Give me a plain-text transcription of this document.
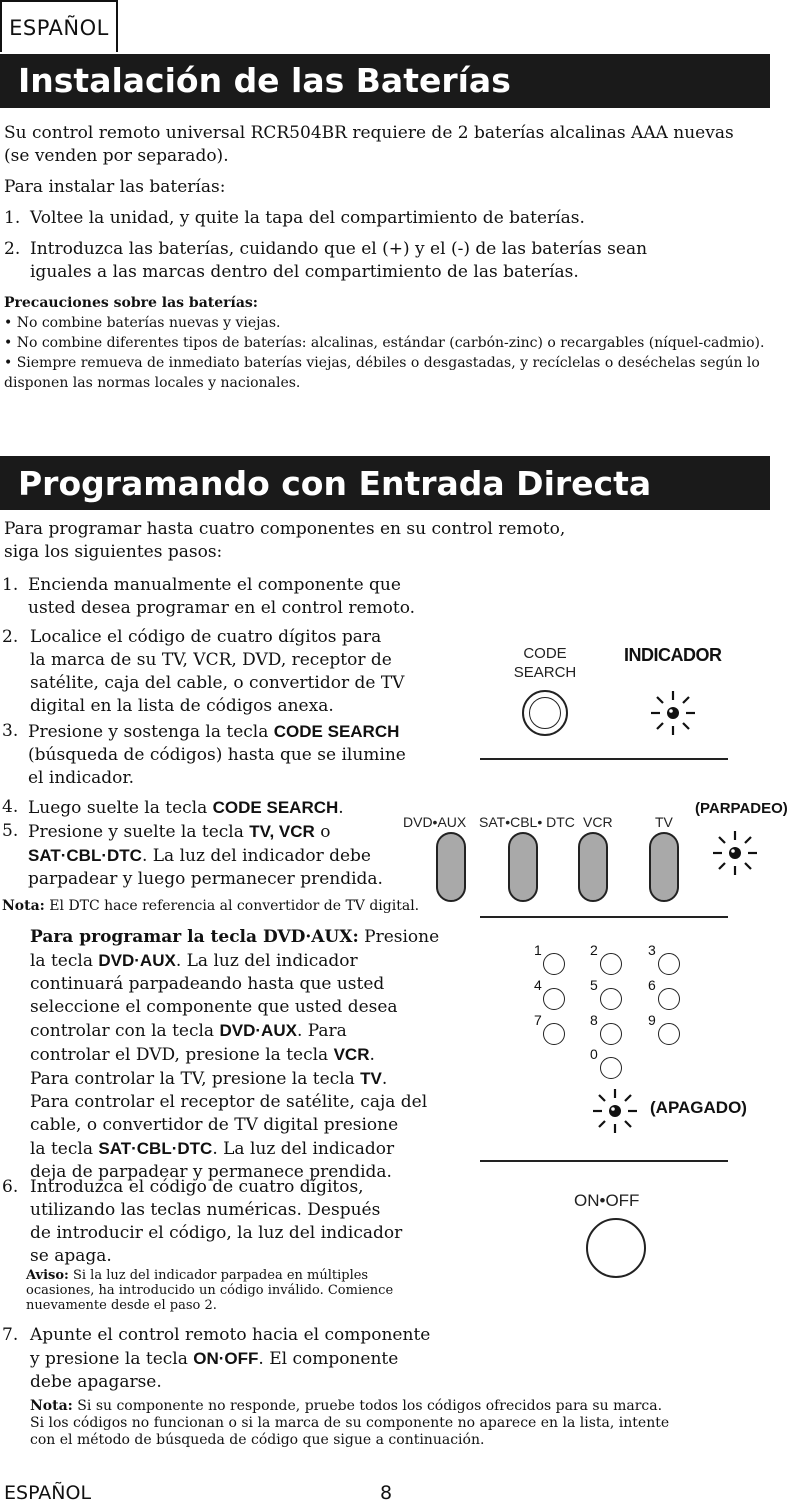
ESPAÑOL
Instalación de las Baterías

Su control remoto universal RCR504BR requiere de 2 baterías alcalinas AAA nuevas
(se venden por separado).

Para instalar las baterías:

1. Voltee la unidad, y quite la tapa del compartimiento de baterías.
2. Introduzca las baterías, cuidando que el (+) y el (-) de las baterías sean
iguales a las marcas dentro del compartimiento de las baterías.

Precauciones sobre las baterías:

• No combine baterías nuevas y viejas.

• No combine diferentes tipos de baterías: alcalinas, estándar (carbón-zinc) o recargables (níquel-cadmio).

• Siempre remueva de inmediato baterías viejas, débiles o desgastadas, y recíclelas o deséchelas según lo

disponen las normas locales y nacionales.

Programando con Entrada Directa
Para programar hasta cuatro componentes en su control remoto,
siga los siguientes pasos:
1. Encienda manualmente el componente que
usted desea programar en el control remoto.
2. Localice el código de cuatro dígitos para
la marca de su TV, VCR, DVD, receptor de
satélite, caja del cable, o convertidor de TV
digital en la lista de códigos anexa.
3. Presione y sostenga la tecla CODE SEARCH
(búsqueda de códigos) hasta que se ilumine
el indicador.
4. Luego suelte la tecla CODE SEARCH.
5. Presione y suelte la tecla TV, VCR o
SAT·CBL·DTC. La luz del indicador debe
parpadear y luego permanecer prendida.
Nota: El DTC hace referencia al convertidor de TV digital.
Para programar la tecla DVD·AUX: Presione
la tecla DVD·AUX. La luz del indicador
continuará parpadeando hasta que usted
seleccione el componente que usted desea
controlar con la tecla DVD·AUX. Para
controlar el DVD, presione la tecla VCR.
Para controlar la TV, presione la tecla TV.
Para controlar el receptor de satélite, caja del
cable, o convertidor de TV digital presione
la tecla SAT·CBL·DTC. La luz del indicador
deja de parpadear y permanece prendida.
6. Introduzca el código de cuatro dígitos,
utilizando las teclas numéricas. Después
de introducir el código, la luz del indicador
se apaga.
Aviso: Si la luz del indicador parpadea en múltiples
ocasiones, ha introducido un código inválido. Comience
nuevamente desde el paso 2.
7. Apunte el control remoto hacia el componente
y presione la tecla ON·OFF. El componente
debe apagarse.
Nota: Si su componente no responde, pruebe todos los códigos ofrecidos para su marca.
Si los códigos no funcionan o si la marca de su componente no aparece en la lista, intente
con el método de búsqueda de código que sigue a continuación.
CODE
SEARCH
INDICADOR
DVD•AUX SAT•CBL• DTC VCR	TV
(PARPADEO)
1	2	3
4	5	6
7	8	9
0
(APAGADO)
ON•OFF
ESPAÑOL	8
